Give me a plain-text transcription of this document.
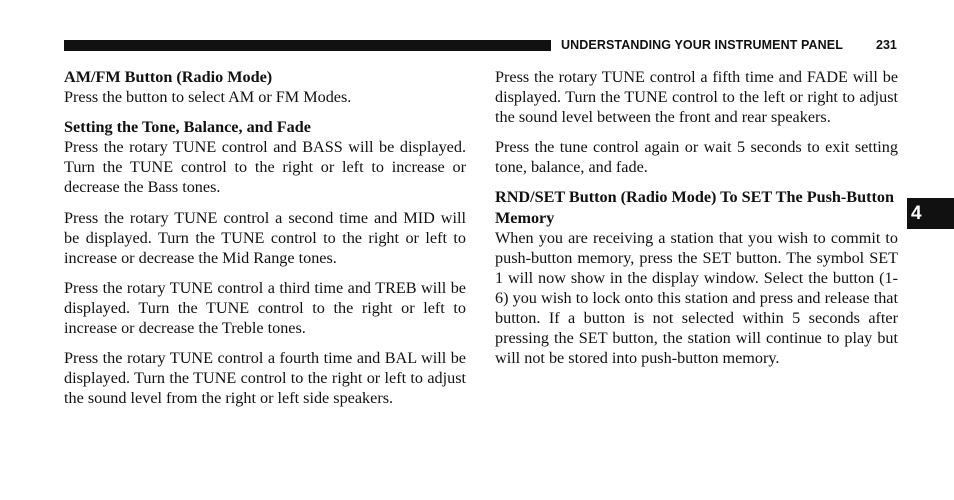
UNDERSTANDING YOUR INSTRUMENT PANEL	231
4
AM/FM Button (Radio Mode)
Press the button to select AM or FM Modes.
Setting the Tone, Balance, and Fade
Press the rotary TUNE control and BASS will be displayed. Turn the TUNE control to the right or left to increase or decrease the Bass tones.

Press the rotary TUNE control a second time and MID will be displayed. Turn the TUNE control to the right or left to increase or decrease the Mid Range tones.

Press the rotary TUNE control a third time and TREB will be displayed. Turn the TUNE control to the right or left to increase or decrease the Treble tones.

Press the rotary TUNE control a fourth time and BAL will be displayed. Turn the TUNE control to the right or left to adjust the sound level from the right or left side speakers.

Press the rotary TUNE control a fifth time and FADE will be displayed. Turn the TUNE control to the left or right to adjust the sound level between the front and rear speakers.

Press the tune control again or wait 5 seconds to exit setting tone, balance, and fade.

RND/SET Button (Radio Mode) To SET The Push-Button Memory
When you are receiving a station that you wish to commit to push-button memory, press the SET button. The symbol SET 1 will now show in the display window. Select the button (1-6) you wish to lock onto this station and press and release that button. If a button is not selected within 5 seconds after pressing the SET button, the station will continue to play but will not be stored into push-button memory.
